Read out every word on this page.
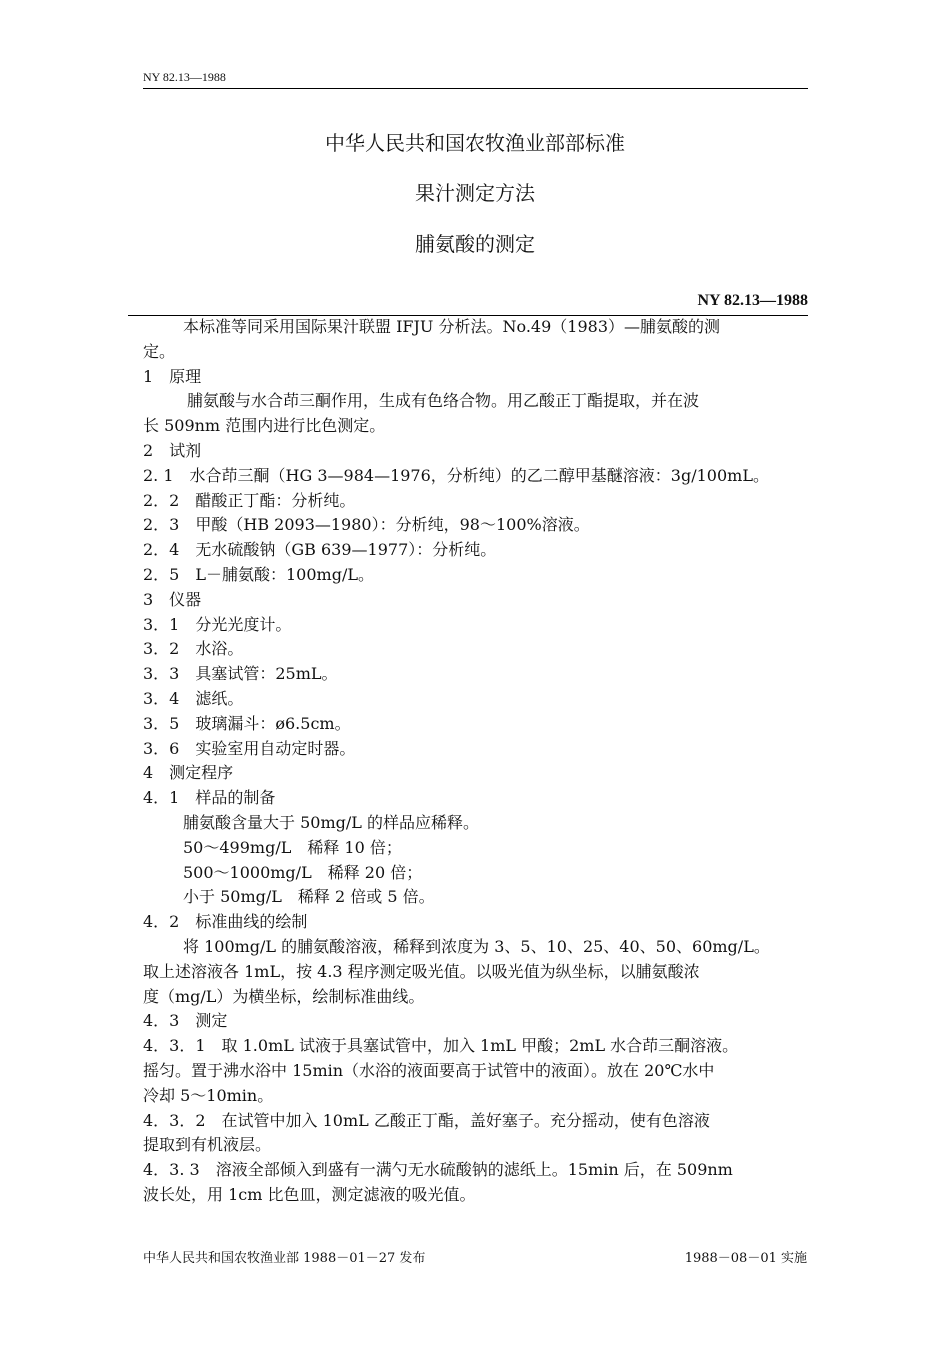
NY 82.13—1988
中华人民共和国农牧渔业部部标准
果汁测定方法
脯氨酸的测定
NY 82.13—1988

本标准等同采用国际果汁联盟 IFJU 分析法。No.49（1983）—脯氨酸的测

定。

1　原理

脯氨酸与水合茚三酮作用，生成有色络合物。用乙酸正丁酯提取，并在波

长 509nm 范围内进行比色测定。

2　试剂

2. 1　水合茚三酮（HG 3—984—1976，分析纯）的乙二醇甲基醚溶液：3g/100mL。

2．2　醋酸正丁酯：分析纯。

2．3　甲酸（HB 2093—1980）：分析纯，98～100%溶液。

2．4　无水硫酸钠（GB 639—1977）：分析纯。

2．5　L－脯氨酸：100mg/L。

3　仪器

3．1　分光光度计。

3．2　水浴。

3．3　具塞试管：25mL。

3．4　滤纸。

3．5　玻璃漏斗：ø6.5cm。

3．6　实验室用自动定时器。

4　测定程序

4．1　样品的制备

脯氨酸含量大于 50mg/L 的样品应稀释。

50～499mg/L　稀释 10 倍；

500～1000mg/L　稀释 20 倍；

小于 50mg/L　稀释 2 倍或 5 倍。

4．2　标准曲线的绘制

将 100mg/L 的脯氨酸溶液，稀释到浓度为 3、5、10、25、40、50、60mg/L。

取上述溶液各 1mL，按 4.3 程序测定吸光值。以吸光值为纵坐标，以脯氨酸浓

度（mg/L）为横坐标，绘制标准曲线。

4．3　测定

4．3．1　取 1.0mL 试液于具塞试管中，加入 1mL 甲酸；2mL 水合茚三酮溶液。

摇匀。置于沸水浴中 15min（水浴的液面要高于试管中的液面）。放在 20℃水中

冷却 5～10min。

4．3．2　在试管中加入 10mL 乙酸正丁酯，盖好塞子。充分摇动，使有色溶液

提取到有机液层。

4．3. 3　溶液全部倾入到盛有一满勺无水硫酸钠的滤纸上。15min 后，在 509nm

波长处，用 1cm 比色皿，测定滤液的吸光值。

中华人民共和国农牧渔业部 1988－01－27 发布	1988－08－01 实施
